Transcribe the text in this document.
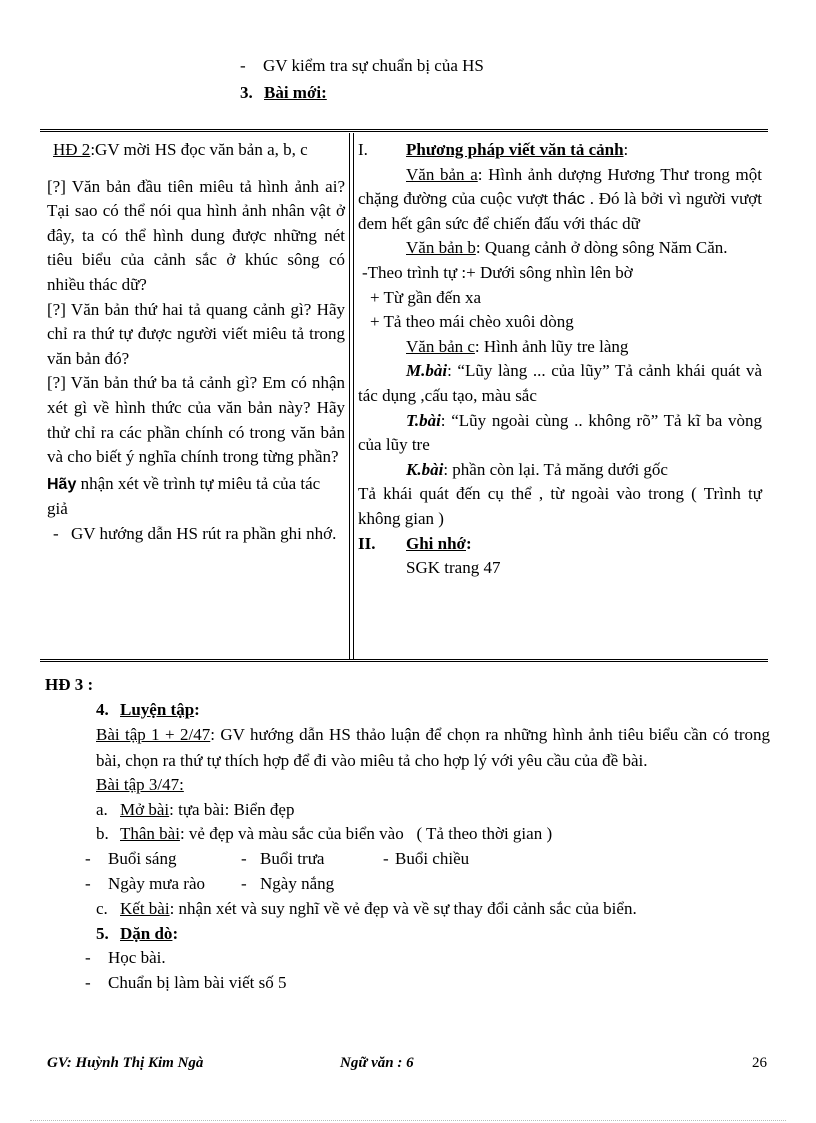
- GV kiểm tra sự chuẩn bị của HS
3. Bài mới:

HĐ 2:GV mời HS đọc văn bản a, b, c

[?] Văn bản đầu tiên miêu tả hình ảnh ai? Tại sao có thể nói qua hình ảnh nhân vật ở đây, ta có thể hình dung được những nét tiêu biểu của cảnh sắc ở khúc sông có nhiều thác dữ?

[?] Văn bản thứ hai tả quang cảnh gì? Hãy chỉ ra thứ tự được người viết miêu tả trong văn bản đó?

[?] Văn bản thứ ba tả cảnh gì? Em có nhận xét gì về hình thức của văn bản này? Hãy thử chỉ ra các phần chính có trong văn bản và cho biết ý nghĩa chính trong từng phần?

Hãy nhận xét về trình tự miêu tả của tác giả

- GV hướng dẫn HS rút ra phần ghi nhớ.

I. Phương pháp viết văn tả cảnh:

Văn bản a: Hình ảnh dượng Hương Thư trong một chặng đường của cuộc vượt thác . Đó là bởi vì người vượt đem hết gân sức để chiến đấu với thác dữ

Văn bản b: Quang cảnh ở dòng sông Năm Căn.

-Theo trình tự :+ Dưới sông nhìn lên bờ

+ Từ gần đến xa

+ Tả theo mái chèo xuôi dòng

Văn bản c: Hình ảnh lũy tre làng

M.bài: “Lũy làng ... của lũy” Tả cảnh khái quát và tác dụng ,cấu tạo, màu sắc

T.bài: “Lũy ngoài cùng .. không rõ” Tả kĩ ba vòng của lũy tre

K.bài: phần còn lại. Tả măng dưới gốc

Tả khái quát đến cụ thể , từ ngoài vào trong ( Trình tự không gian )

II. Ghi nhớ:

SGK trang 47

HĐ 3 :

4. Luyện tập:

Bài tập 1 + 2/47: GV hướng dẫn HS thảo luận để chọn ra những hình ảnh tiêu biểu cần có trong bài, chọn ra thứ tự thích hợp để đi vào miêu tả cho hợp lý với yêu cầu của đề bài.

Bài tập 3/47:

a. Mở bài: tựa bài: Biển đẹp

b. Thân bài: vẻ đẹp và màu sắc của biển vào   ( Tả theo thời gian )

- Buổi sáng	- Buổi trưa	- Buổi chiều

- Ngày mưa rào - Ngày nắng

c. Kết bài: nhận xét và suy nghĩ về vẻ đẹp và về sự thay đổi cảnh sắc của biển.

5. Dặn dò:

- Học bài.

- Chuẩn bị làm bài viết số 5

GV: Huỳnh Thị Kim Ngà	Ngữ văn : 6	26
